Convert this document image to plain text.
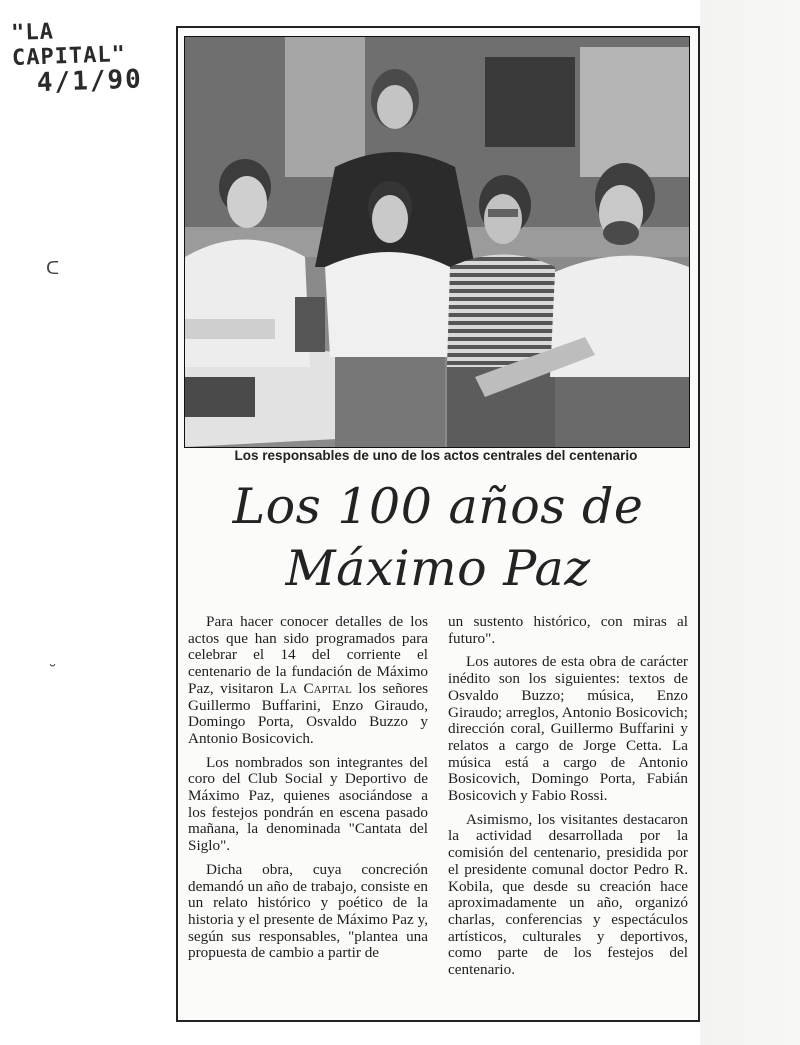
"LA CAPITAL"
4/1/90
ᑕ
˘
Los responsables de uno de los actos centrales del centenario
Los 100 años de
Máximo Paz

Para hacer conocer detalles de los actos que han sido programados para celebrar el 14 del corriente el centenario de la fundación de Máximo Paz, visitaron La Capital los señores Guillermo Buffarini, Enzo Giraudo, Domingo Porta, Osvaldo Buzzo y Antonio Bosicovich.

Los nombrados son integrantes del coro del Club Social y Deportivo de Máximo Paz, quienes asociándose a los festejos pondrán en escena pasado mañana, la denominada "Cantata del Siglo".

Dicha obra, cuya concreción demandó un año de trabajo, consiste en un relato histórico y poético de la historia y el presente de Máximo Paz y, según sus responsables, "plantea una propuesta de cambio a partir de

un sustento histórico, con miras al futuro".

Los autores de esta obra de carácter inédito son los siguientes: textos de Osvaldo Buzzo; música, Enzo Giraudo; arreglos, Antonio Bosicovich; dirección coral, Guillermo Buffarini y relatos a cargo de Jorge Cetta. La música está a cargo de Antonio Bosicovich, Domingo Porta, Fabián Bosicovich y Fabio Rossi.

Asimismo, los visitantes destacaron la actividad desarrollada por la comisión del centenario, presidida por el presidente comunal doctor Pedro R. Kobila, que desde su creación hace aproximadamente un año, organizó charlas, conferencias y espectáculos artísticos, culturales y deportivos, como parte de los festejos del centenario.
